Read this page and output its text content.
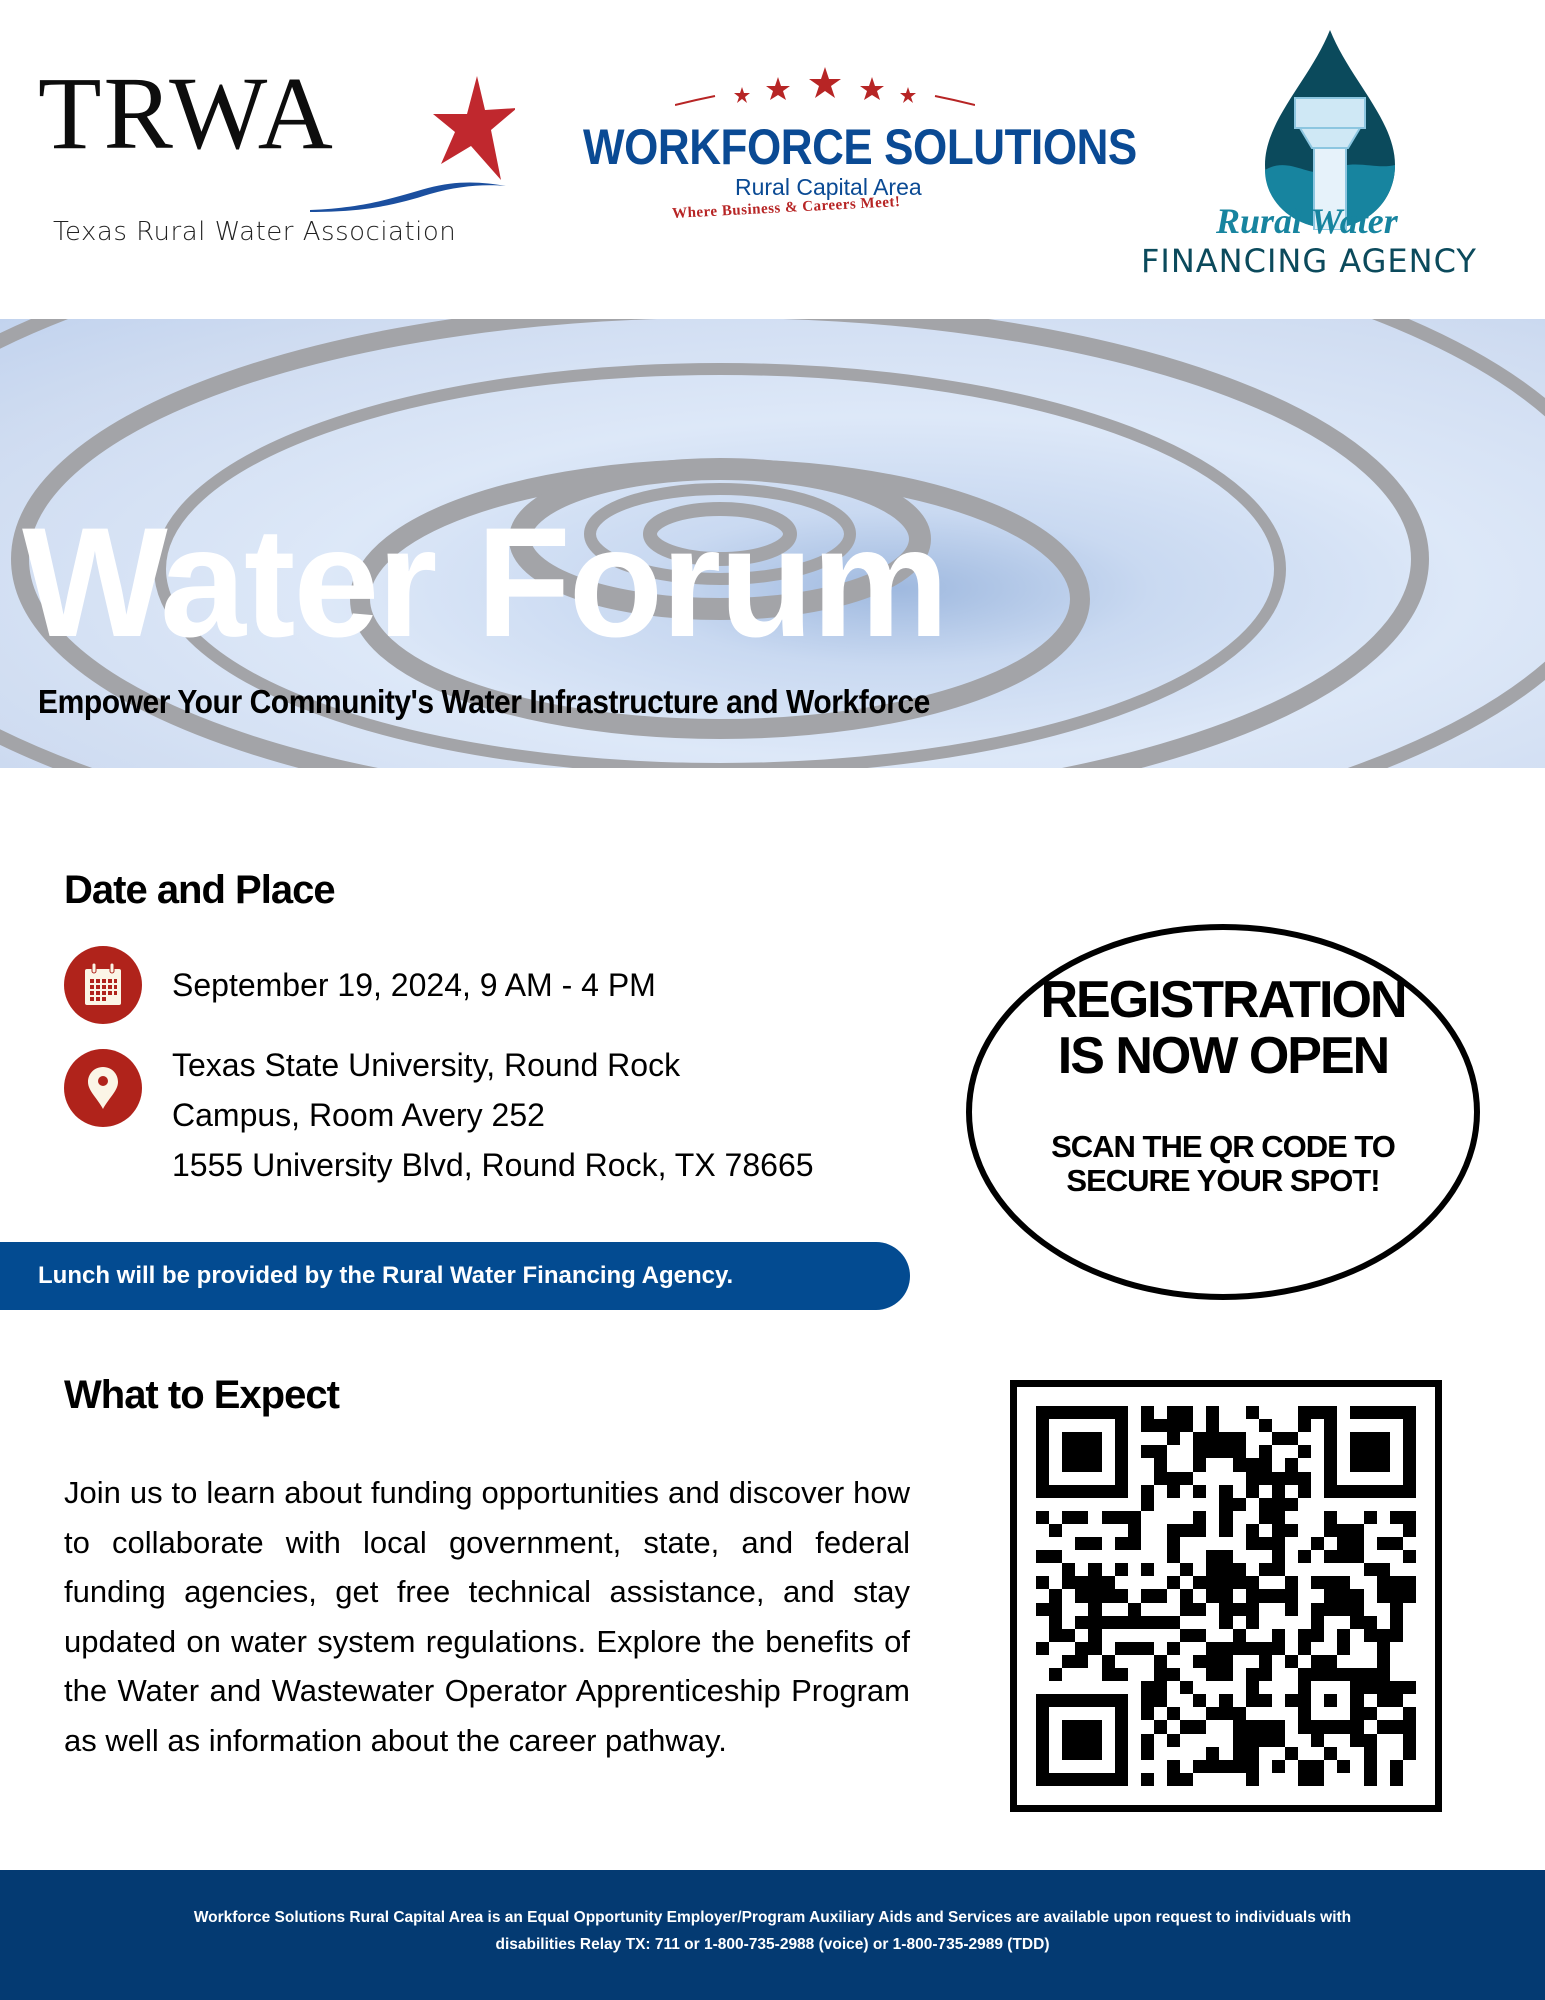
TRWA
Texas Rural Water Association
WORKFORCE SOLUTIONS
Rural Capital Area
Where Business & Careers Meet!	Rural Water
FINANCING AGENCY
Water Forum
Empower Your Community's Water Infrastructure and Workforce
Date and Place
September 19, 2024, 9 AM - 4 PM
Texas State University, Round Rock
Campus, Room Avery 252
1555 University Blvd, Round Rock, TX 78665
REGISTRATION
IS NOW OPEN
SCAN THE QR CODE TO
SECURE YOUR SPOT!
Lunch will be provided by the Rural Water Financing Agency.
What to Expect
Join us to learn about funding opportunities and discover how to collaborate with local government, state, and federal funding agencies, get free technical assistance, and stay updated on water system regulations. Explore the benefits of the Water and Wastewater Operator Apprenticeship Program as well as information about the career pathway.
Workforce Solutions Rural Capital Area is an Equal Opportunity Employer/Program Auxiliary Aids and Services are available upon request to individuals with
disabilities Relay TX: 711 or 1-800-735-2988 (voice) or 1-800-735-2989 (TDD)
